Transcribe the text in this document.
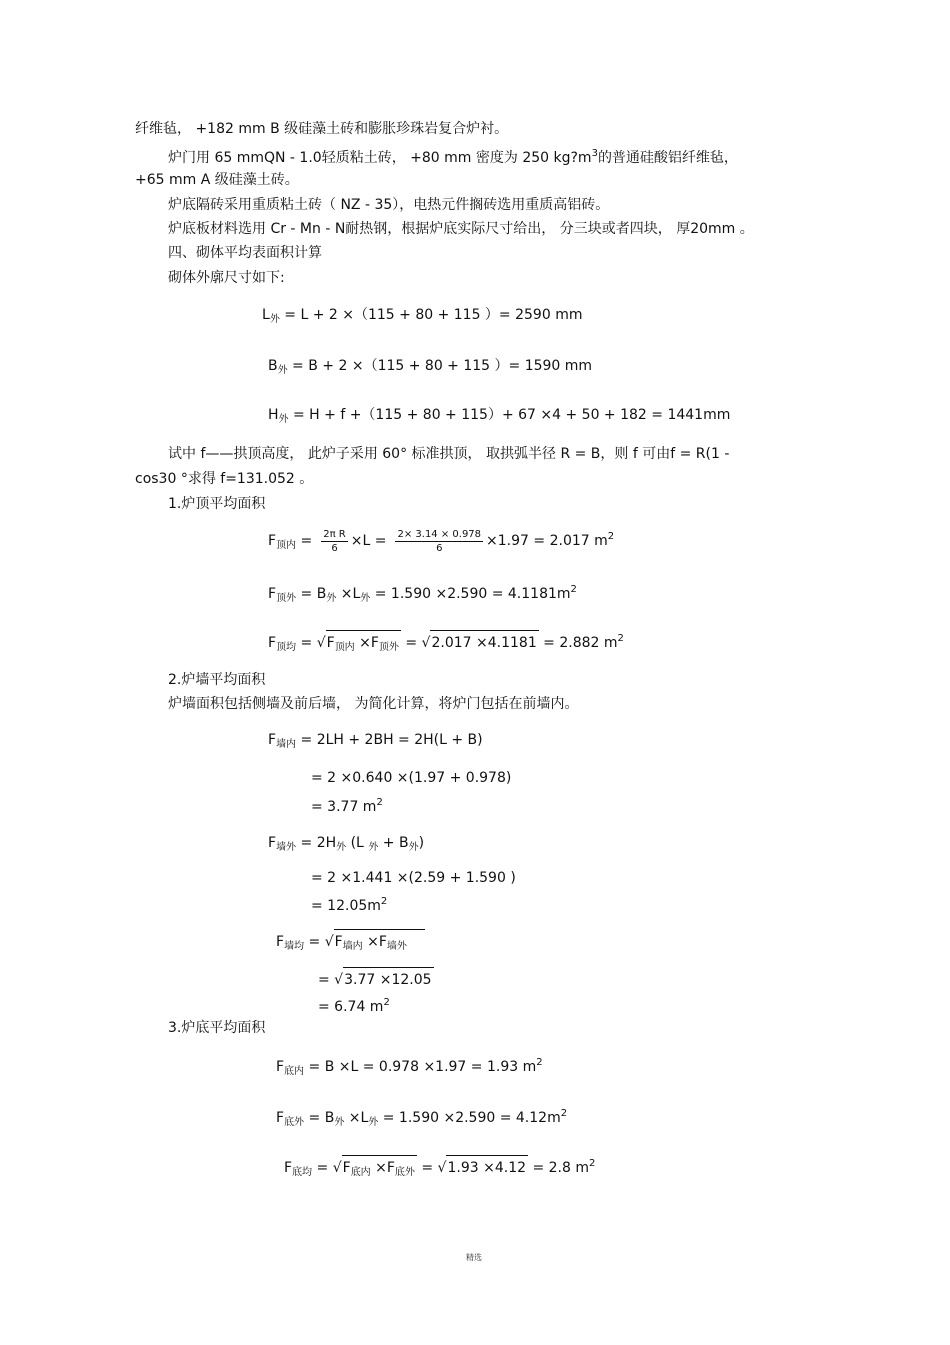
纤维毡， +182 mm B 级硅藻土砖和膨胀珍珠岩复合炉衬。
炉门用 65 mmQN - 1.0轻质粘土砖， +80 mm 密度为 250 $kg?m^3$的普通硅酸铝纤维毡，
+65 mm A 级硅藻土砖。
炉底隔砖采用重质粘土砖（ NZ - 35），电热元件搁砖选用重质高铝砖。
炉底板材料选用 Cr - Mn - N耐热钢，根据炉底实际尺寸给出， 分三块或者四块， 厚20mm 。
四、砌体平均表面积计算
砌体外廓尺寸如下:
$L_外 = L + 2 \times(115 + 80 + 115$ ）= 2590 mm
$B_外 = B + 2 \times(115 + 80 + 115$ ）= 1590 mm
$H_外 = H + f +(115 + 80 + 115)+ 67 \times 4 + 50 + 182 = 1441mm$
试中 f——拱顶高度， 此炉子采用 60° 标准拱顶， 取拱弧半径 R = B，则 f 可由f = R(1 -
cos30 °求得 f=131.052 。
1.炉顶平均面积
$F_{顶内} = \frac{\text{2π R}}{6} \times L = \frac{2\times 3.14 \times 0.978}{6} \times 1.97 = 2.017$ $m^2$
$F_{顶外} = B_外 \times L_外 = 1.590 \times 2.590 = 4.1181m^2$
$F_{顶均} = √F_{顶内} \times F_{顶外} = √2.017 \times 4.1181 = 2.882$ $m^2$
2.炉墙平均面积
炉墙面积包括侧墙及前后墙， 为简化计算，将炉门包括在前墙内。
$F_{墙内} = 2LH + 2BH = 2H(L + B)$
= 2 ×0.640 ×(1.97 + 0.978)
= 3.77 $m^2$
$F_{墙外} = 2H_外$ (L $_外 + B_外$)
= 2 ×1.441 ×(2.59 + 1.590 )
= $12.05m^2$
$F_{墙均} = √F_{墙内} \times F_{墙外}$
= √3.77 ×12.05
= 6.74 $m^2$
3.炉底平均面积
$F_{底内} = B \times L = 0.978 \times 1.97 = 1.93$ $m^2$
$F_{底外} = B_外 \times L_外 = 1.590 \times 2.590 = 4.12m^2$
$F_{底均} = √F_{底内} \times F_{底外} = √1.93 \times 4.12 = 2.8$ $m^2$
精选
